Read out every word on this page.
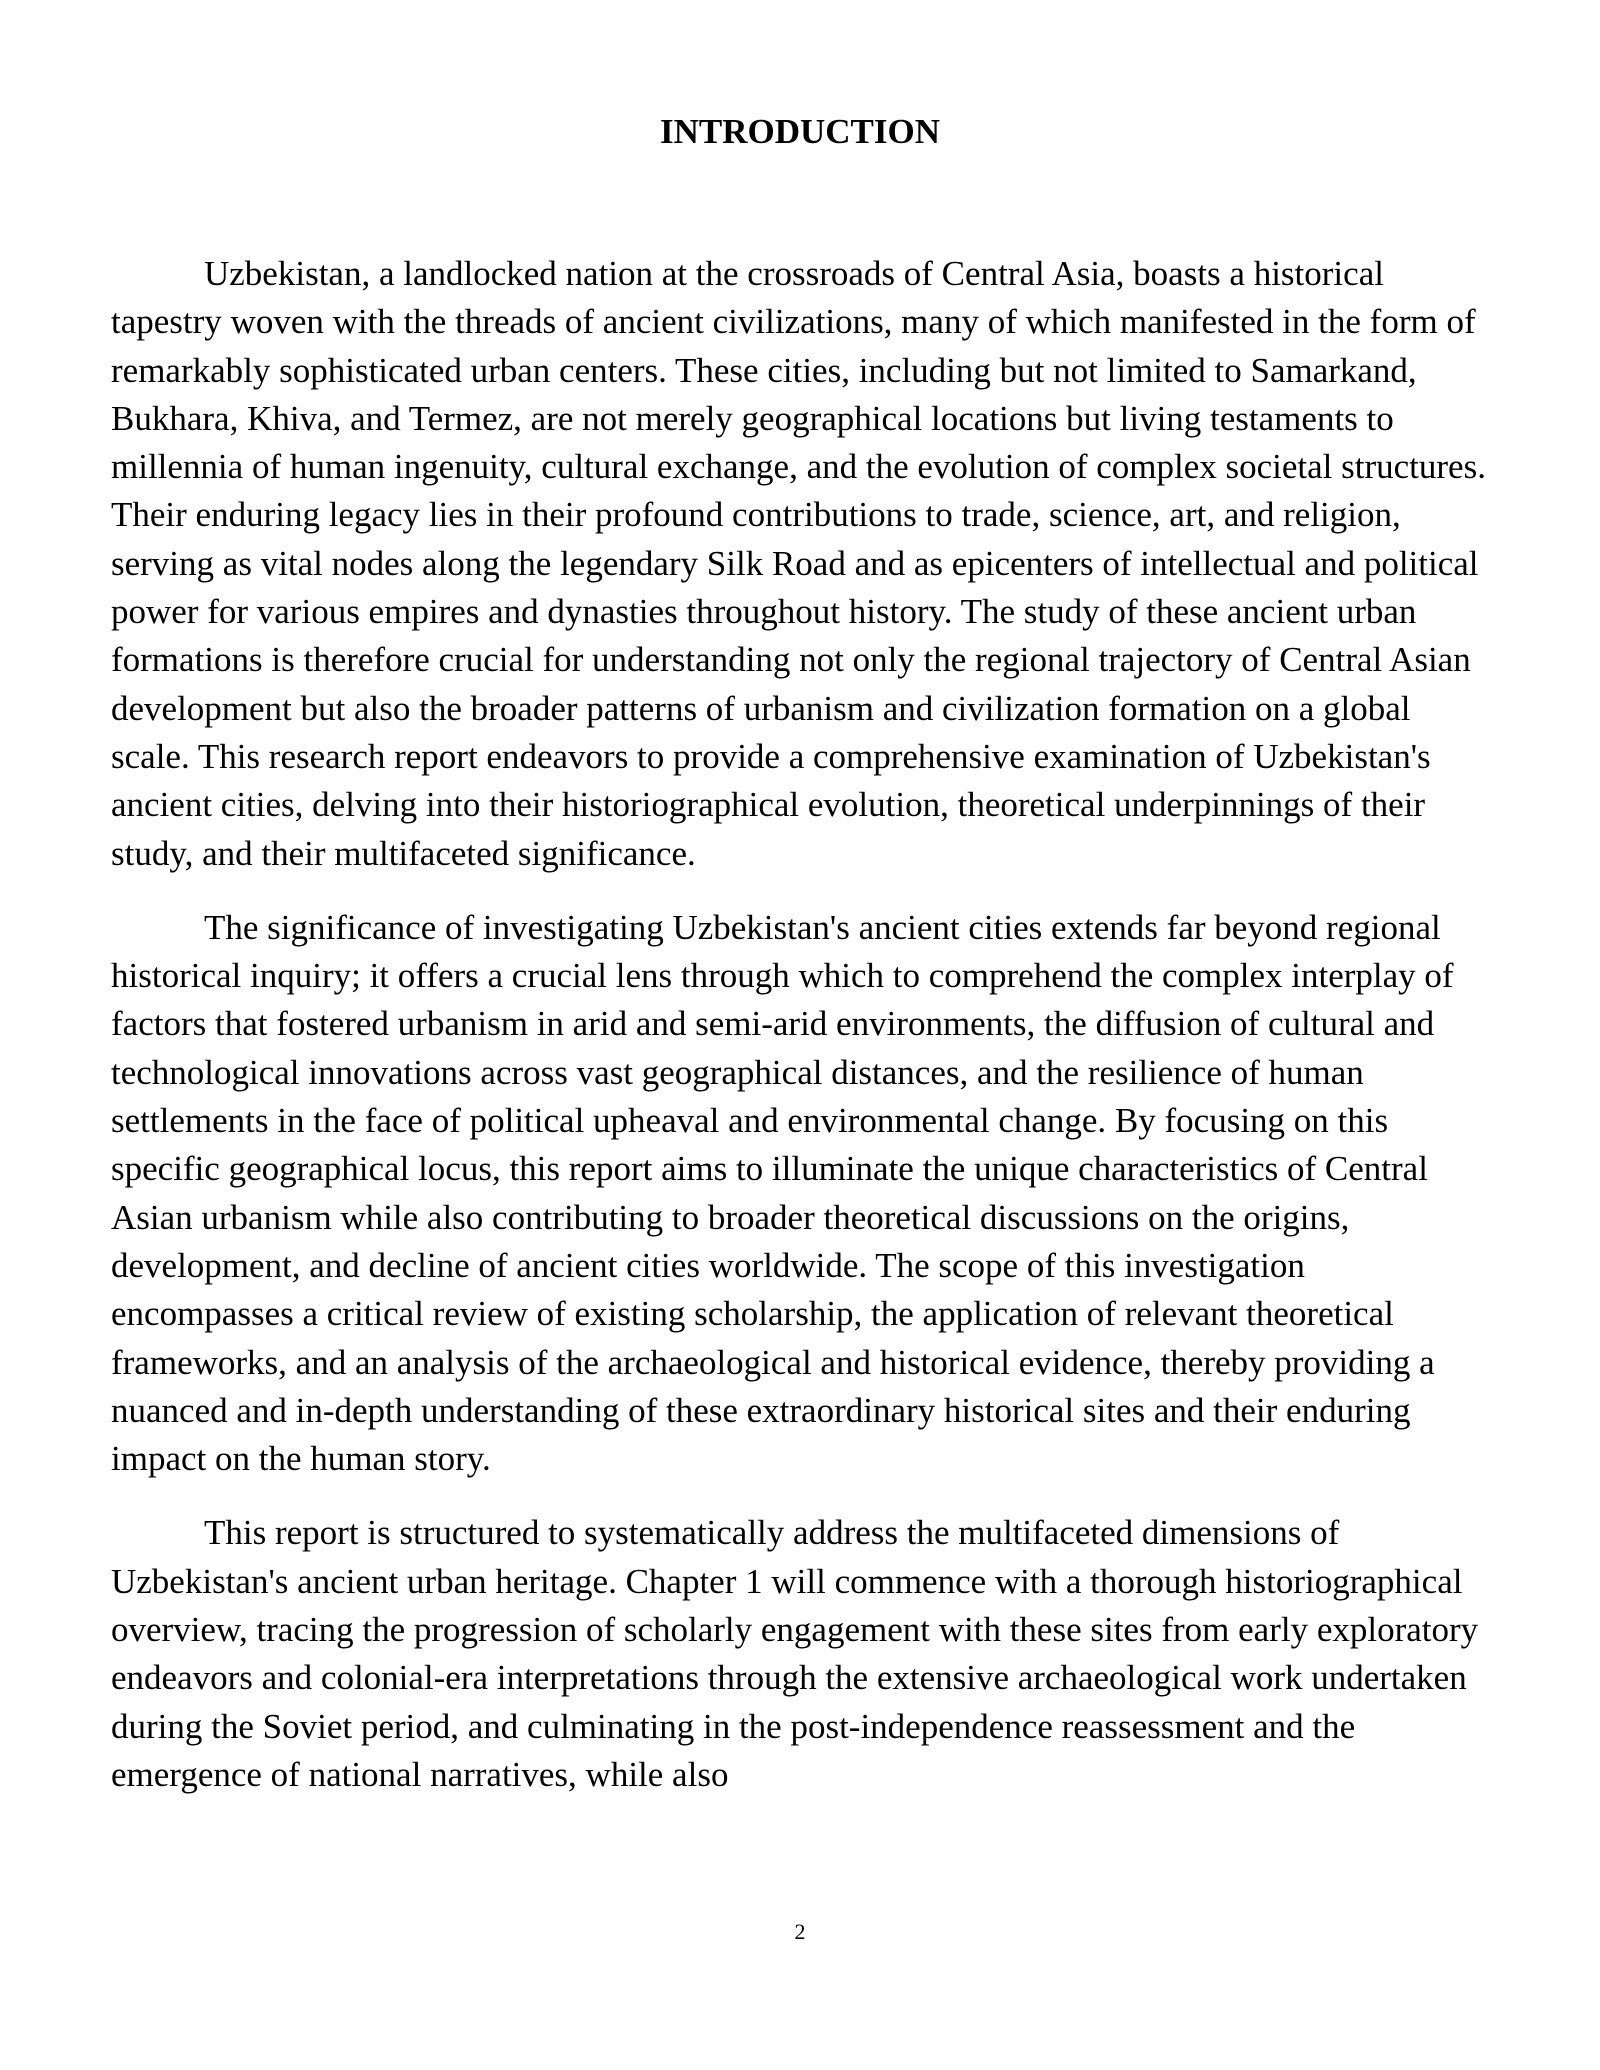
INTRODUCTION

Uzbekistan, a landlocked nation at the crossroads of Central Asia, boasts a historical tapestry woven with the threads of ancient civilizations, many of which manifested in the form of remarkably sophisticated urban centers. These cities, including but not limited to Samarkand, Bukhara, Khiva, and Termez, are not merely geographical locations but living testaments to millennia of human ingenuity, cultural exchange, and the evolution of complex societal structures. Their enduring legacy lies in their profound contributions to trade, science, art, and religion, serving as vital nodes along the legendary Silk Road and as epicenters of intellectual and political power for various empires and dynasties throughout history. The study of these ancient urban formations is therefore crucial for understanding not only the regional trajectory of Central Asian development but also the broader patterns of urbanism and civilization formation on a global scale. This research report endeavors to provide a comprehensive examination of Uzbekistan's ancient cities, delving into their historiographical evolution, theoretical underpinnings of their study, and their multifaceted significance.

The significance of investigating Uzbekistan's ancient cities extends far beyond regional historical inquiry; it offers a crucial lens through which to comprehend the complex interplay of factors that fostered urbanism in arid and semi-arid environments, the diffusion of cultural and technological innovations across vast geographical distances, and the resilience of human settlements in the face of political upheaval and environmental change. By focusing on this specific geographical locus, this report aims to illuminate the unique characteristics of Central Asian urbanism while also contributing to broader theoretical discussions on the origins, development, and decline of ancient cities worldwide. The scope of this investigation encompasses a critical review of existing scholarship, the application of relevant theoretical frameworks, and an analysis of the archaeological and historical evidence, thereby providing a nuanced and in-depth understanding of these extraordinary historical sites and their enduring impact on the human story.

This report is structured to systematically address the multifaceted dimensions of Uzbekistan's ancient urban heritage. Chapter 1 will commence with a thorough historiographical overview, tracing the progression of scholarly engagement with these sites from early exploratory endeavors and colonial-era interpretations through the extensive archaeological work undertaken during the Soviet period, and culminating in the post-independence reassessment and the emergence of national narratives, while also

2
